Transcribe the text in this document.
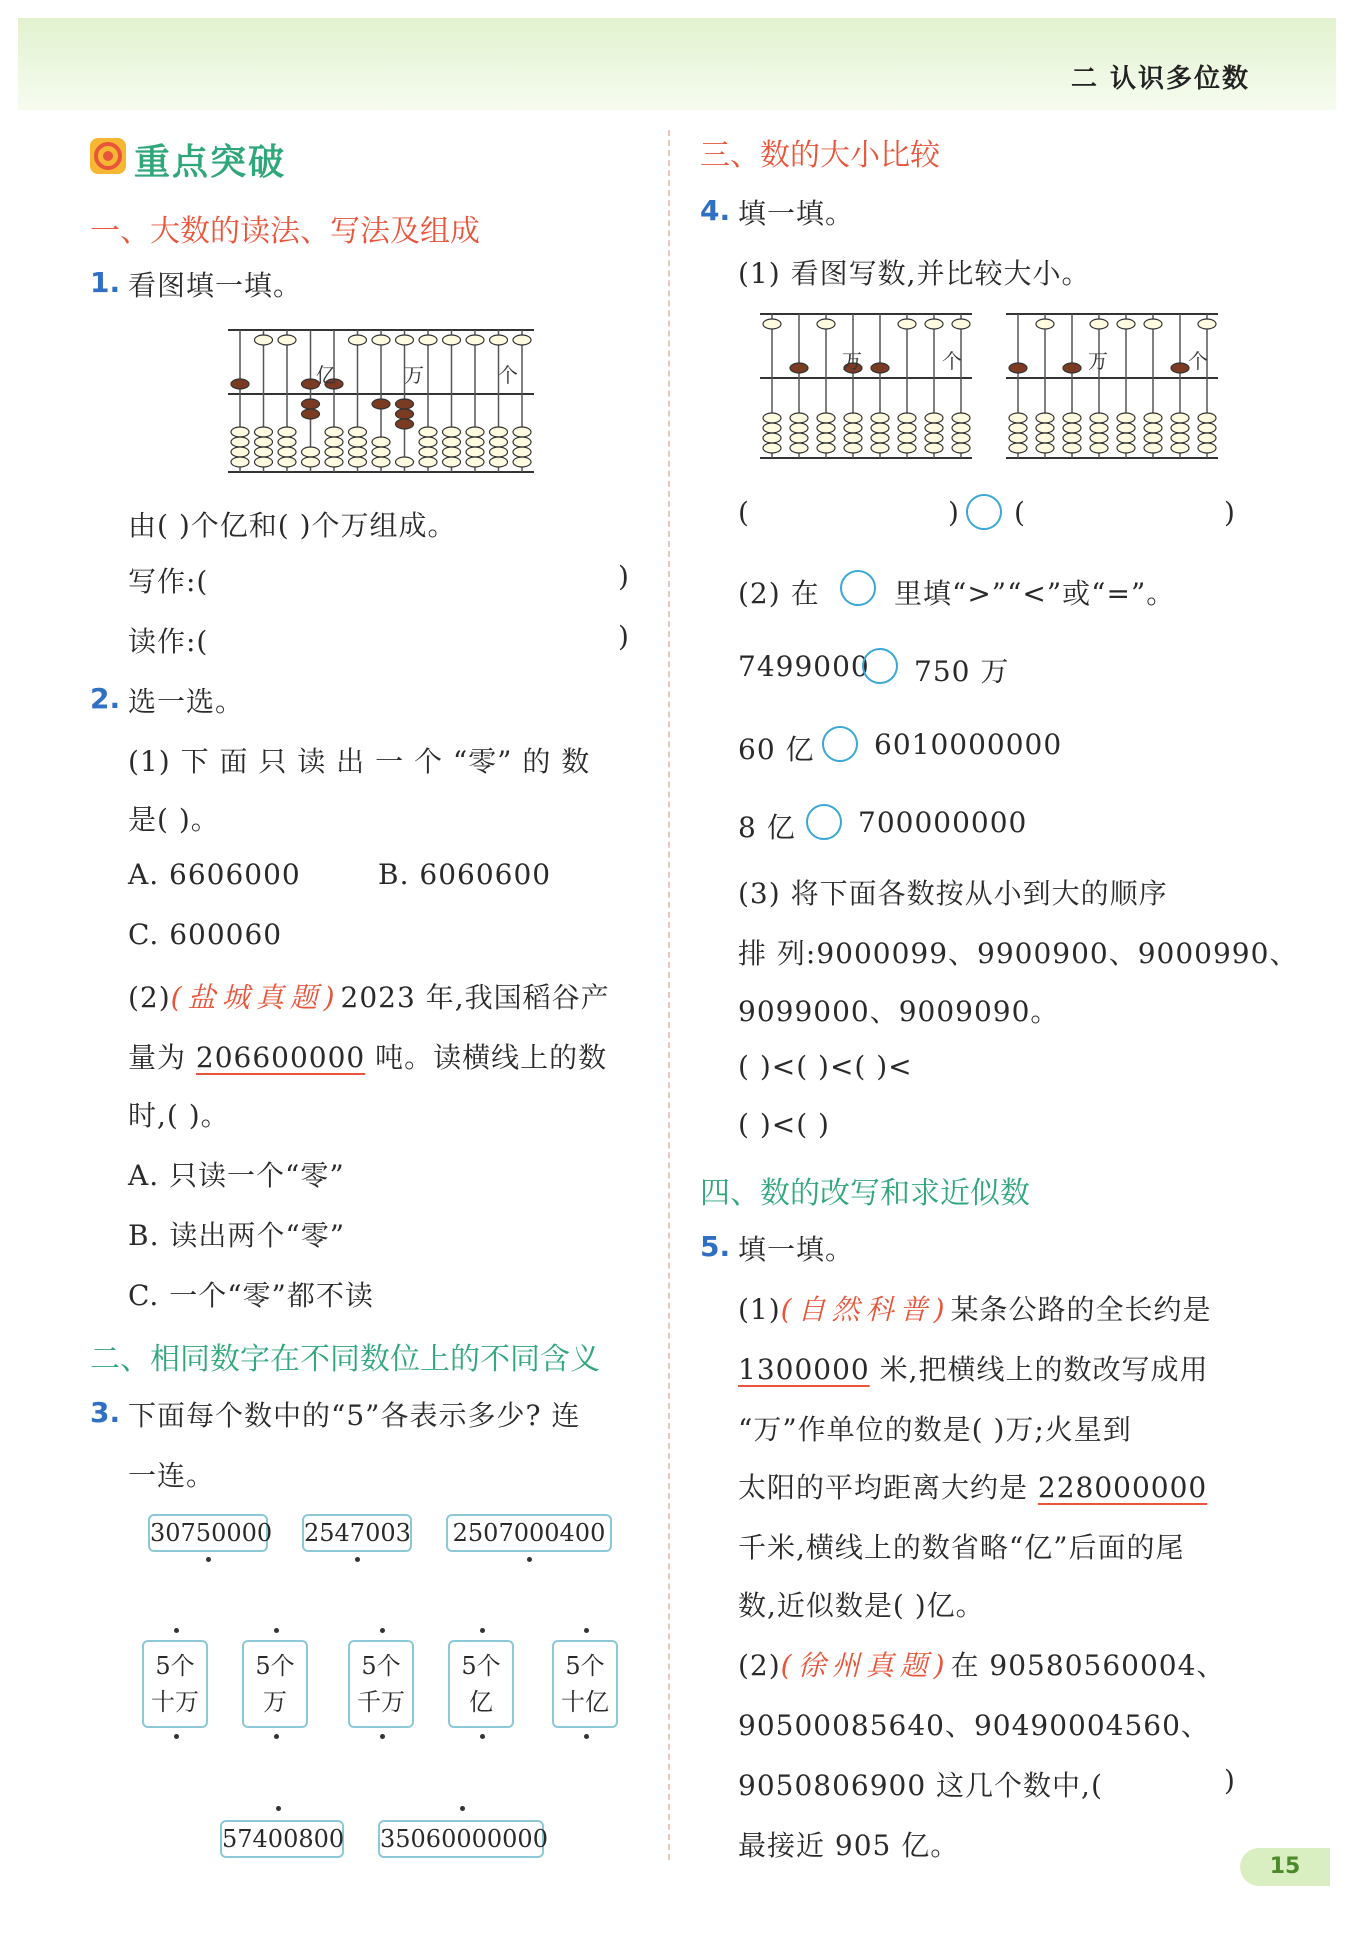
二 认识多位数
15
重点突破
一、大数的读法、写法及组成
1. 看图填一填。
亿	万	个
由( )个亿和( )个万组成。
写作:(	)
读作:(	)
2. 选一选。
(1) 下 面 只 读 出 一 个 “零” 的 数
是( )。
A. 6606000	B. 6060600
C. 600060
(2)(盐城真题)2023 年,我国稻谷产
量为 206600000 吨。读横线上的数
时,( )。
A. 只读一个“零”
B. 读出两个“零”
C. 一个“零”都不读
二、相同数字在不同数位上的不同含义
3. 下面每个数中的“5”各表示多少? 连
一连。
30750000 2547003 2507000400
5个
十万
5个
万
5个
千万
5个
亿
5个
十亿
57400800 35060000000
三、数的大小比较
4. 填一填。
(1) 看图写数,并比较大小。
万	个	万	个
(	) (	)
(2) 在	里填“>”“<”或“=”。
7499000 750 万
60 亿 6010000000
8 亿 700000000
(3) 将下面各数按从小到大的顺序
排 列:9000099、9900900、9000990、
9099000、9009090。
( )<( )<( )<
( )<( )
四、数的改写和求近似数
5. 填一填。
(1)(自然科普)某条公路的全长约是
1300000 米,把横线上的数改写成用
“万”作单位的数是( )万;火星到
太阳的平均距离大约是 228000000
千米,横线上的数省略“亿”后面的尾
数,近似数是( )亿。
(2)(徐州真题)在 90580560004、
90500085640、90490004560、
9050806900 这几个数中,(	)
最接近 905 亿。
